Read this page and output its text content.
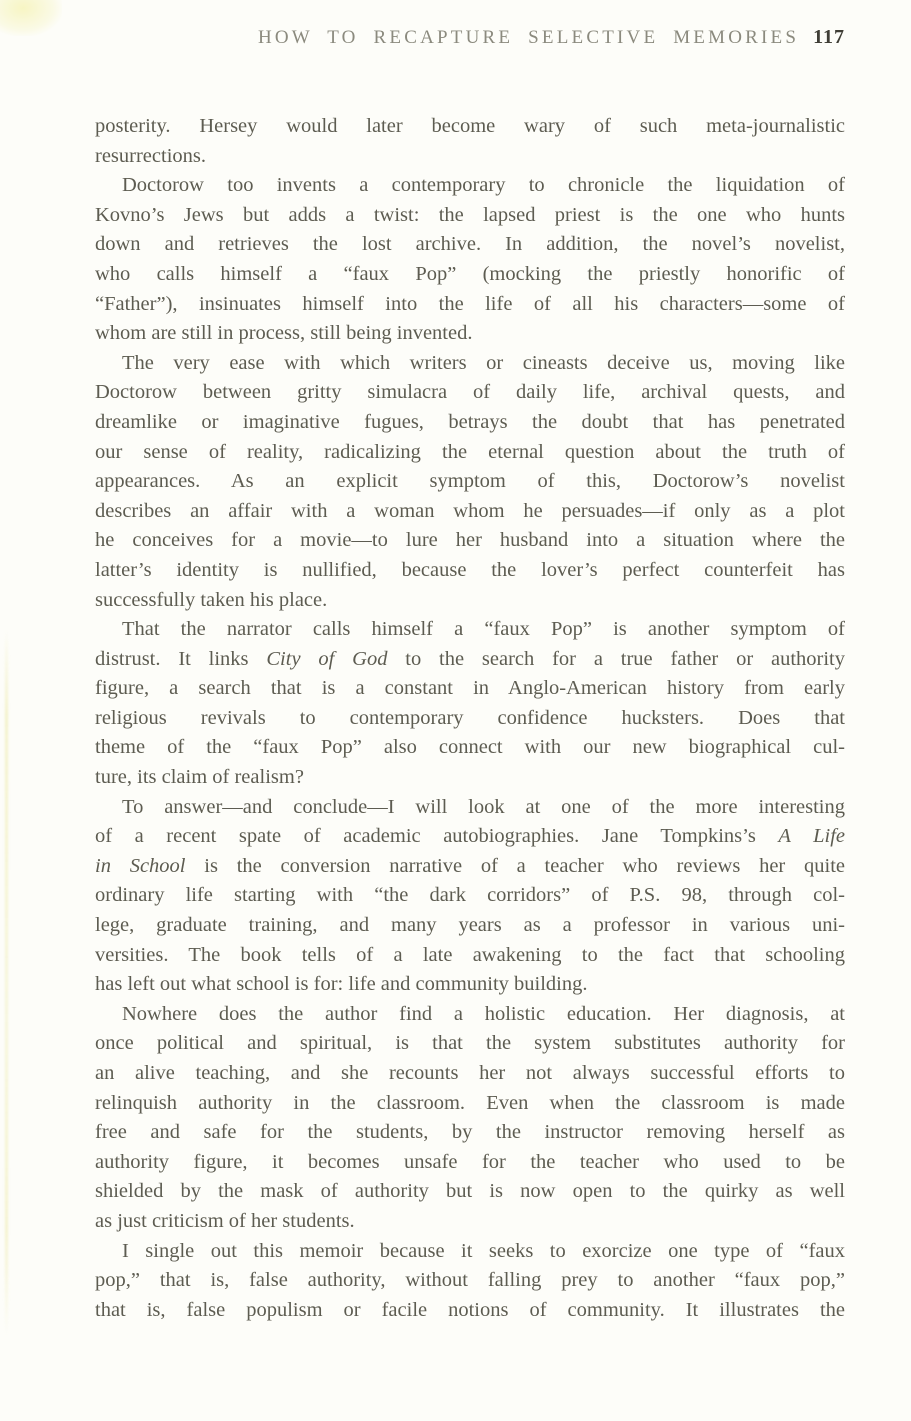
HOW TO RECAPTURE SELECTIVE MEMORIES 117
posterity. Hersey would later become wary of such meta-journalistic
resurrections.
Doctorow too invents a contemporary to chronicle the liquidation of
Kovno’s Jews but adds a twist: the lapsed priest is the one who hunts
down and retrieves the lost archive. In addition, the novel’s novelist,
who calls himself a “faux Pop” (mocking the priestly honorific of
“Father”), insinuates himself into the life of all his characters—some of
whom are still in process, still being invented.
The very ease with which writers or cineasts deceive us, moving like
Doctorow between gritty simulacra of daily life, archival quests, and
dreamlike or imaginative fugues, betrays the doubt that has penetrated
our sense of reality, radicalizing the eternal question about the truth of
appearances. As an explicit symptom of this, Doctorow’s novelist
describes an affair with a woman whom he persuades—if only as a plot
he conceives for a movie—to lure her husband into a situation where the
latter’s identity is nullified, because the lover’s perfect counterfeit has
successfully taken his place.
That the narrator calls himself a “faux Pop” is another symptom of
distrust. It links City of God to the search for a true father or authority
figure, a search that is a constant in Anglo-American history from early
religious revivals to contemporary confidence hucksters. Does that
theme of the “faux Pop” also connect with our new biographical cul-
ture, its claim of realism?
To answer—and conclude—I will look at one of the more interesting
of a recent spate of academic autobiographies. Jane Tompkins’s A Life
in School is the conversion narrative of a teacher who reviews her quite
ordinary life starting with “the dark corridors” of P.S. 98, through col-
lege, graduate training, and many years as a professor in various uni-
versities. The book tells of a late awakening to the fact that schooling
has left out what school is for: life and community building.
Nowhere does the author find a holistic education. Her diagnosis, at
once political and spiritual, is that the system substitutes authority for
an alive teaching, and she recounts her not always successful efforts to
relinquish authority in the classroom. Even when the classroom is made
free and safe for the students, by the instructor removing herself as
authority figure, it becomes unsafe for the teacher who used to be
shielded by the mask of authority but is now open to the quirky as well
as just criticism of her students.
I single out this memoir because it seeks to exorcize one type of “faux
pop,” that is, false authority, without falling prey to another “faux pop,”
that is, false populism or facile notions of community. It illustrates the
